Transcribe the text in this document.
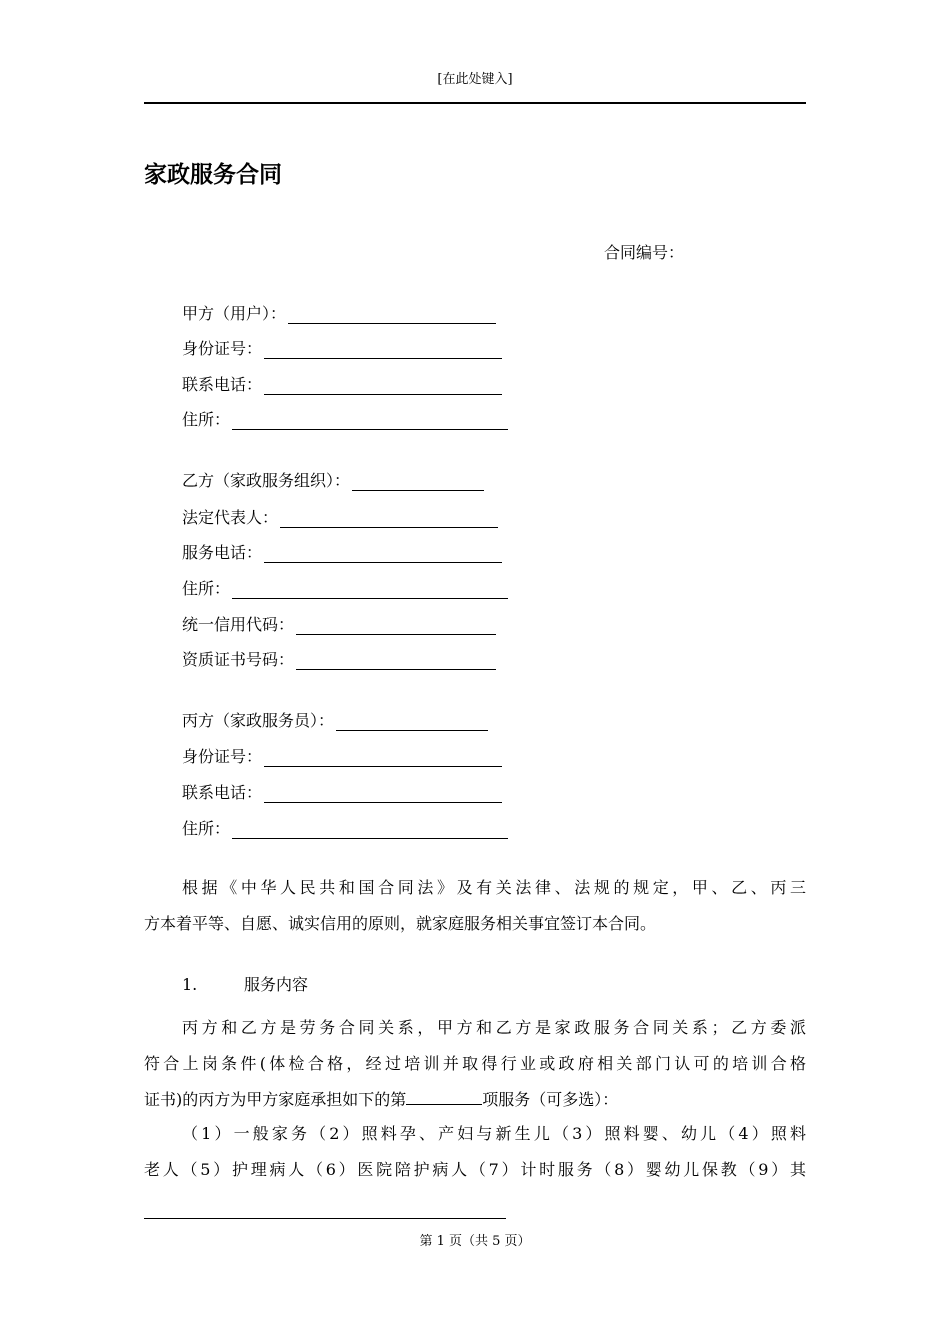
[在此处键入]
家政服务合同
合同编号：
甲方（用户）：
身份证号：
联系电话：
住所：
乙方（家政服务组织）：
法定代表人：
服务电话：
住所：
统一信用代码：
资质证书号码：
丙方（家政服务员）：
身份证号：
联系电话：
住所：
根据《中华人民共和国合同法》及有关法律、法规的规定，甲、乙、丙三
方本着平等、自愿、诚实信用的原则，就家庭服务相关事宜签订本合同。
1.	服务内容
丙方和乙方是劳务合同关系，甲方和乙方是家政服务合同关系；乙方委派
符合上岗条件(体检合格，经过培训并取得行业或政府相关部门认可的培训合格
证书)的丙方为甲方家庭承担如下的第	项服务（可多选）：
（1）一般家务（2）照料孕、产妇与新生儿（3）照料婴、幼儿（4）照料
老人（5）护理病人（6）医院陪护病人（7）计时服务（8）婴幼儿保教（9）其
第 1 页（共 5 页）
